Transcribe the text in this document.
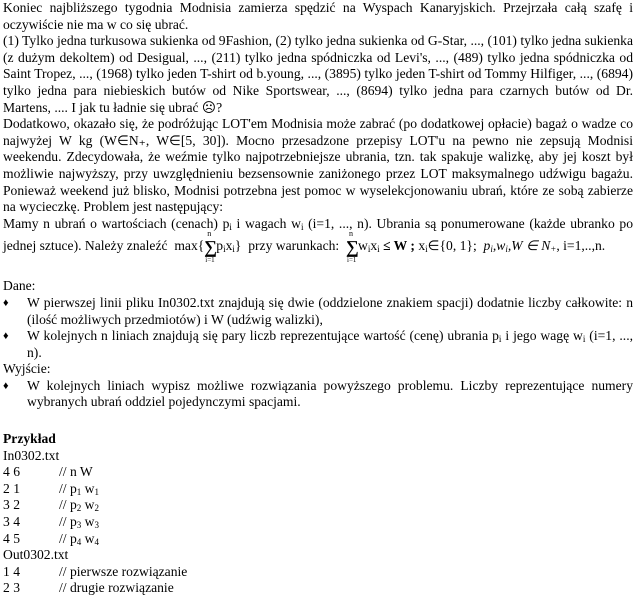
Koniec najbliższego tygodnia Modnisia zamierza spędzić na Wyspach Kanaryjskich. Przejrzała całą szafę i oczywiście nie ma w co się ubrać.

(1) Tylko jedna turkusowa sukienka od 9Fashion, (2) tylko jedna sukienka od G-Star, ..., (101) tylko jedna sukienka (z dużym dekoltem) od Desigual, ..., (211) tylko jedna spódniczka od Levi's, ..., (489) tylko jedna spódniczka od Saint Tropez, ..., (1968) tylko jeden T-shirt od b.young, ..., (3895) tylko jeden T-shirt od Tommy Hilfiger, ..., (6894) tylko jedna para niebieskich butów od Nike Sportswear, ..., (8694) tylko jedna para czarnych butów od Dr. Martens, .... I jak tu ładnie się ubrać ☹?

Dodatkowo, okazało się, że podróżując LOT'em Modnisia może zabrać (po dodatkowej opłacie) bagaż o wadze co najwyżej W kg (W∈N₊, W∈[5, 30]). Mocno przesadzone przepisy LOT'u na pewno nie zepsują Modnisi weekendu. Zdecydowała, że weźmie tylko najpotrzebniejsze ubrania, tzn. tak spakuje walizkę, aby jej koszt był możliwie najwyższy, przy uwzględnieniu bezsensownie zaniżonego przez LOT maksymalnego udźwigu bagażu. Ponieważ weekend już blisko, Modnisi potrzebna jest pomoc w wyselekcjonowaniu ubrań, które ze sobą zabierze na wycieczkę. Problem jest następujący:

Mamy n ubrań o wartościach (cenach) $p_i$ i wagach $w_i$ (i=1, ..., n). Ubrania są ponumerowane (każde ubranko po

jednej sztuce). Należy znaleźć max{
n
∑
i=1
$p_ix_i$} przy warunkach:
n
∑
i=1
$w_ix_i \le W$ ; $x_i\in\{0$, 1}; $p_i,w_i,W$ ∈ $N_+$, i=1,..,n.

Dane:

♦ W pierwszej linii pliku In0302.txt znajdują się dwie (oddzielone znakiem spacji) dodatnie liczby całkowite: n (ilość możliwych przedmiotów) i W (udźwig walizki),
♦ W kolejnych n liniach znajdują się pary liczb reprezentujące wartość (cenę) ubrania $p_i$ i jego wagę $w_i$ (i=1, ..., n).

Wyjście:

♦ W kolejnych liniach wypisz możliwe rozwiązania powyższego problemu. Liczby reprezentujące numery wybranych ubrań oddziel pojedynczymi spacjami.

Przykład

In0302.txt

4 6	// n W
2 1	// $p_1$ $w_1$
3 2	// $p_2$ $w_2$
3 4	// $p_3$ $w_3$
4 5	// $p_4$ $w_4$

Out0302.txt

1 4	// pierwsze rozwiązanie
2 3	// drugie rozwiązanie
